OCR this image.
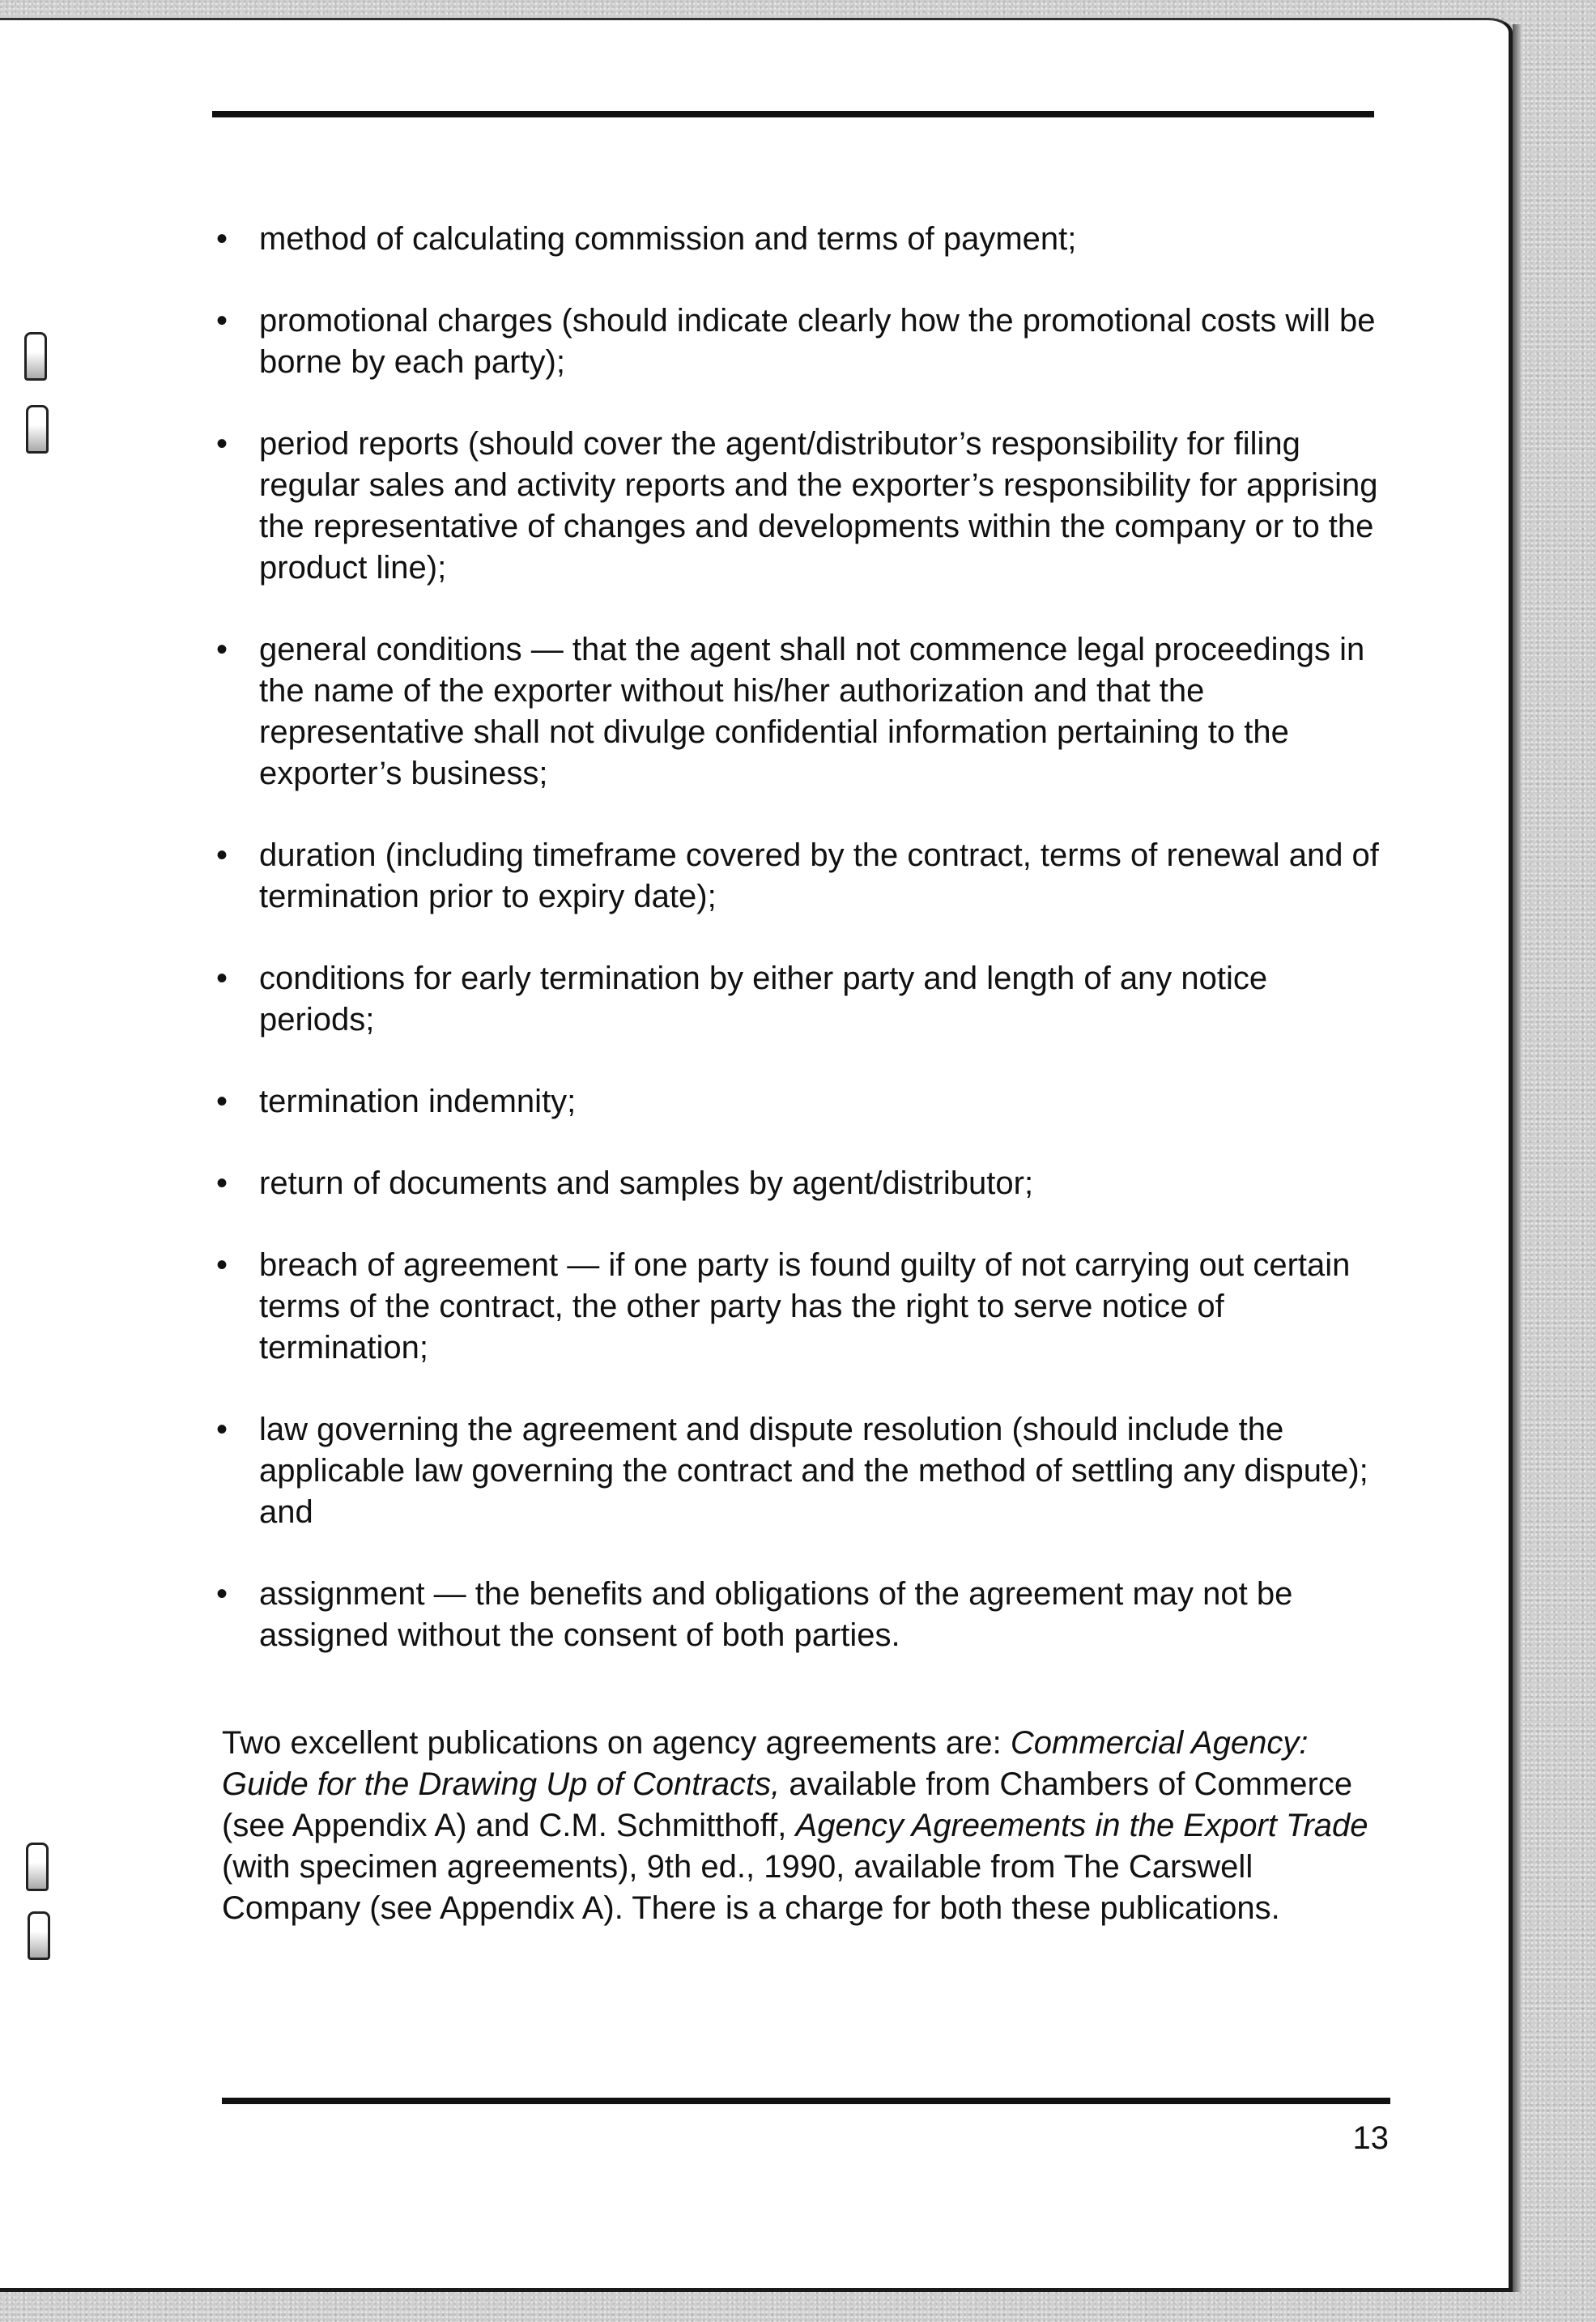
• method of calculating commission and terms of payment;
• promotional charges (should indicate clearly how the promotional costs will be borne by each party);
• period reports (should cover the agent/distributor’s responsibility for filing regular sales and activity reports and the exporter’s responsibility for apprising the representative of changes and developments within the company or to the product line);
• general conditions — that the agent shall not commence legal proceedings in the name of the exporter without his/her authorization and that the representative shall not divulge confidential information pertaining to the exporter’s business;
• duration (including timeframe covered by the contract, terms of renewal and of termination prior to expiry date);
• conditions for early termination by either party and length of any notice periods;
• termination indemnity;
• return of documents and samples by agent/distributor;
• breach of agreement — if one party is found guilty of not carrying out certain terms of the contract, the other party has the right to serve notice of termination;
• law governing the agreement and dispute resolution (should include the applicable law governing the contract and the method of settling any dispute); and
• assignment — the benefits and obligations of the agreement may not be assigned without the consent of both parties.

Two excellent publications on agency agreements are: Commercial Agency: Guide for the Drawing Up of Contracts, available from Chambers of Commerce (see Appendix A) and C.M. Schmitthoff, Agency Agreements in the Export Trade (with specimen agreements), 9th ed., 1990, available from The Carswell Company (see Appendix A). There is a charge for both these publications.

13
